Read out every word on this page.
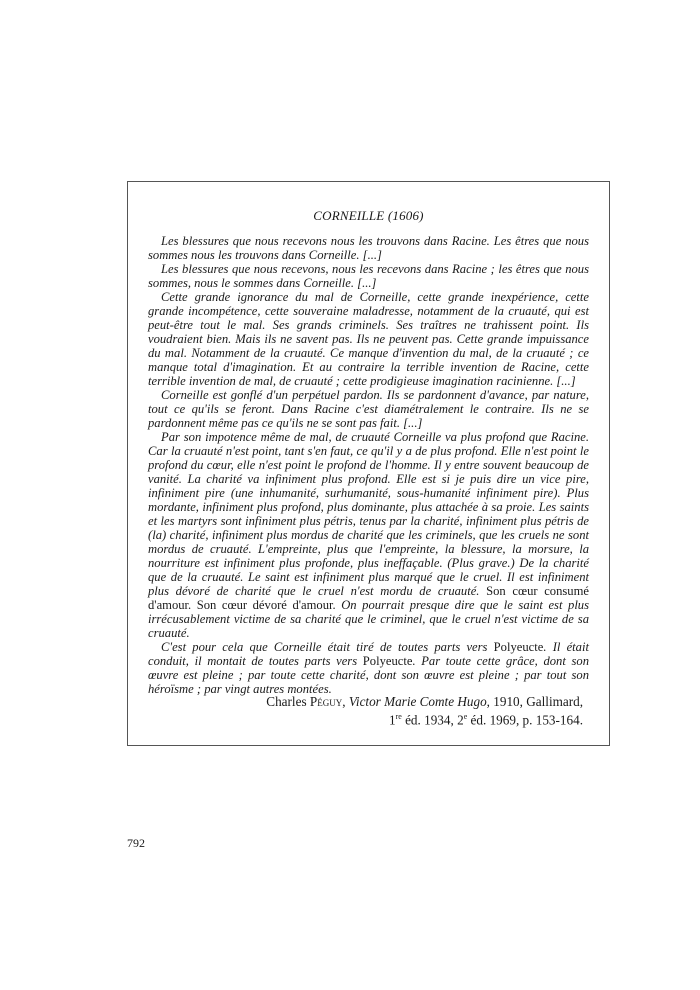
CORNEILLE (1606)

Les blessures que nous recevons nous les trouvons dans Racine. Les êtres que nous sommes nous les trouvons dans Corneille. [...]

Les blessures que nous recevons, nous les recevons dans Racine ; les êtres que nous sommes, nous le sommes dans Corneille. [...]

Cette grande ignorance du mal de Corneille, cette grande inexpérience, cette grande incompétence, cette souveraine maladresse, notamment de la cruauté, qui est peut-être tout le mal. Ses grands criminels. Ses traîtres ne trahissent point. Ils voudraient bien. Mais ils ne savent pas. Ils ne peuvent pas. Cette grande impuissance du mal. Notamment de la cruauté. Ce manque d'invention du mal, de la cruauté ; ce manque total d'imagination. Et au contraire la terrible invention de Racine, cette terrible invention de mal, de cruauté ; cette prodigieuse imagination racinienne. [...]

Corneille est gonflé d'un perpétuel pardon. Ils se pardonnent d'avance, par nature, tout ce qu'ils se feront. Dans Racine c'est diamétralement le contraire. Ils ne se pardonnent même pas ce qu'ils ne se sont pas fait. [...]

Par son impotence même de mal, de cruauté Corneille va plus profond que Racine. Car la cruauté n'est point, tant s'en faut, ce qu'il y a de plus profond. Elle n'est point le profond du cœur, elle n'est point le profond de l'homme. Il y entre souvent beaucoup de vanité. La charité va infiniment plus profond. Elle est si je puis dire un vice pire, infiniment pire (une inhumanité, surhumanité, sous-humanité infiniment pire). Plus mordante, infiniment plus profond, plus dominante, plus attachée à sa proie. Les saints et les martyrs sont infiniment plus pétris, tenus par la charité, infiniment plus pétris de (la) charité, infiniment plus mordus de charité que les criminels, que les cruels ne sont mordus de cruauté. L'empreinte, plus que l'empreinte, la blessure, la morsure, la nourriture est infiniment plus profonde, plus ineffaçable. (Plus grave.) De la charité que de la cruauté. Le saint est infiniment plus marqué que le cruel. Il est infiniment plus dévoré de charité que le cruel n'est mordu de cruauté. Son cœur consumé d'amour. Son cœur dévoré d'amour. On pourrait presque dire que le saint est plus irrécusablement victime de sa charité que le criminel, que le cruel n'est victime de sa cruauté.

C'est pour cela que Corneille était tiré de toutes parts vers Polyeucte. Il était conduit, il montait de toutes parts vers Polyeucte. Par toute cette grâce, dont son œuvre est pleine ; par toute cette charité, dont son œuvre est pleine ; par tout son héroïsme ; par vingt autres montées.

Charles Péguy, Victor Marie Comte Hugo, 1910, Gallimard,
1re éd. 1934, 2e éd. 1969, p. 153-164.
792
